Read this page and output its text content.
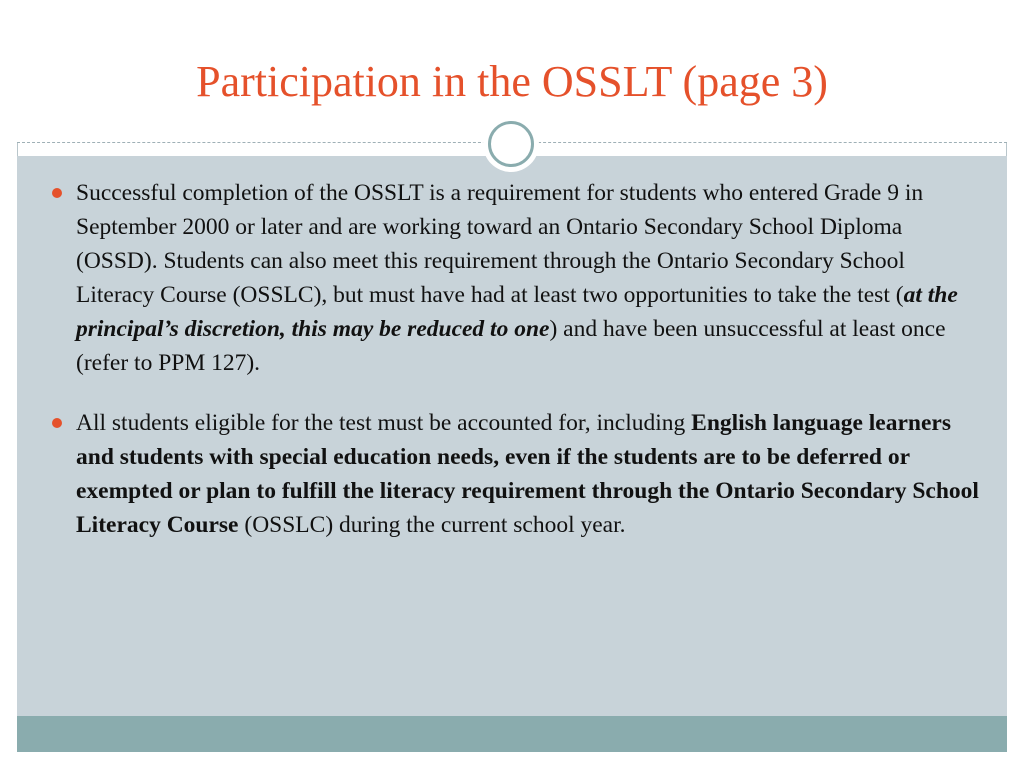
Participation in the OSSLT (page 3)
Successful completion of the OSSLT is a requirement for students who entered Grade 9 in September 2000 or later and are working toward an Ontario Secondary School Diploma (OSSD). Students can also meet this requirement through the Ontario Secondary School Literacy Course (OSSLC), but must have had at least two opportunities to take the test (at the principal’s discretion, this may be reduced to one) and have been unsuccessful at least once (refer to PPM 127).
All students eligible for the test must be accounted for, including English language learners and students with special education needs, even if the students are to be deferred or exempted or plan to fulfill the literacy requirement through the Ontario Secondary School Literacy Course (OSSLC) during the current school year.
